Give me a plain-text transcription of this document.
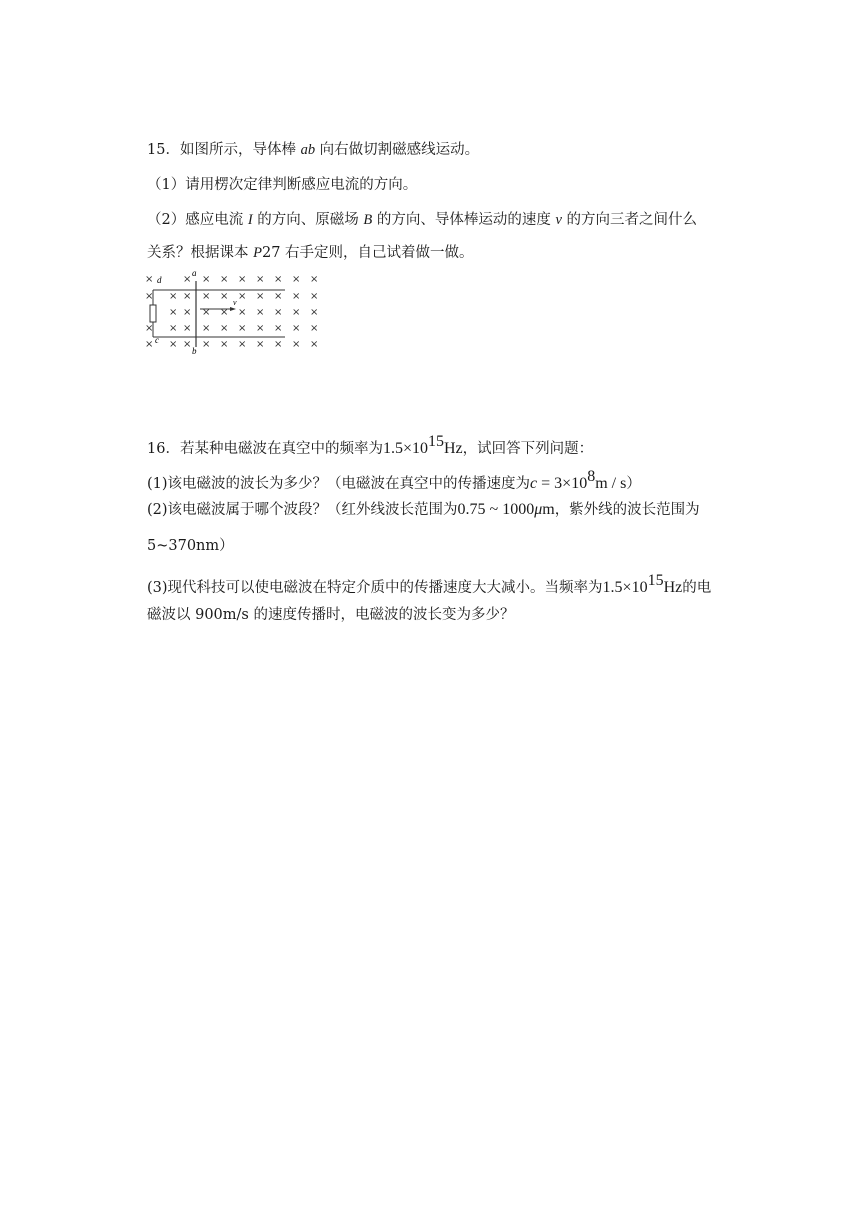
15．如图所示，导体棒 ab 向右做切割磁感线运动。
（1）请用楞次定律判断感应电流的方向。
（2）感应电流 I 的方向、原磁场 B 的方向、导体棒运动的速度 v 的方向三者之间什么
关系？根据课本 P27 右手定则，自己试着做一做。
×	× × × × × × × ×
× × × × × × × × × ×
× × × × × × × × ×
× × × × × × × × × ×
× × × × × × × × × ×
a
b
c
d
v
16．若某种电磁波在真空中的频率为$1.5\times 10^{15}Hz$，试回答下列问题：
(1)该电磁波的波长为多少？（电磁波在真空中的传播速度为$c = 3\times 10^8m / s$）
(2)该电磁波属于哪个波段？（红外线波长范围为0.75 ~ 1000μm，紫外线的波长范围为
5~370nm）
(3)现代科技可以使电磁波在特定介质中的传播速度大大减小。当频率为$1.5\times 10^{15}Hz$的电
磁波以 900m/s 的速度传播时，电磁波的波长变为多少？
